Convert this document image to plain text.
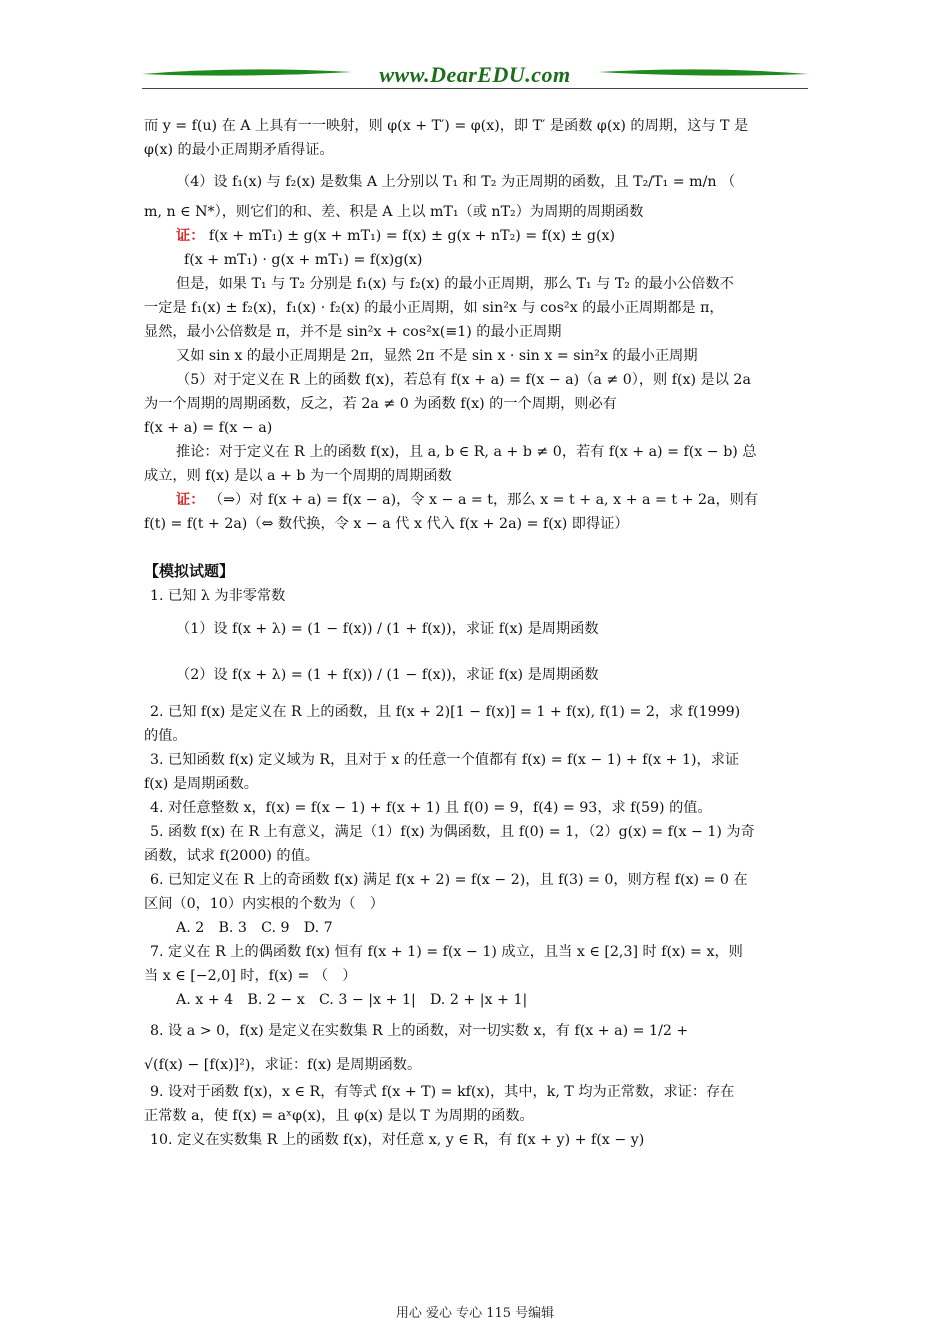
www.DearEDU.com

而 y = f(u) 在 A 上具有一一映射，则 φ(x + T′) = φ(x)，即 T′ 是函数 φ(x) 的周期，这与 T 是

φ(x) 的最小正周期矛盾得证。

（4）设 f₁(x) 与 f₂(x) 是数集 A 上分别以 T₁ 和 T₂ 为正周期的函数，且 T₂/T₁ = m/n （

m, n ∈ N*），则它们的和、差、积是 A 上以 mT₁（或 nT₂）为周期的周期函数

证： f(x + mT₁) ± g(x + mT₁) = f(x) ± g(x + nT₂) = f(x) ± g(x)

f(x + mT₁) · g(x + mT₁) = f(x)g(x)

但是，如果 T₁ 与 T₂ 分别是 f₁(x) 与 f₂(x) 的最小正周期，那么 T₁ 与 T₂ 的最小公倍数不

一定是 f₁(x) ± f₂(x)，f₁(x) · f₂(x) 的最小正周期，如 sin²x 与 cos²x 的最小正周期都是 π，

显然，最小公倍数是 π，并不是 sin²x + cos²x(≡1) 的最小正周期

又如 sin x 的最小正周期是 2π，显然 2π 不是 sin x · sin x = sin²x 的最小正周期

（5）对于定义在 R 上的函数 f(x)，若总有 f(x + a) = f(x − a)（a ≠ 0），则 f(x) 是以 2a

为一个周期的周期函数，反之，若 2a ≠ 0 为函数 f(x) 的一个周期，则必有

f(x + a) = f(x − a)

推论：对于定义在 R 上的函数 f(x)，且 a, b ∈ R, a + b ≠ 0，若有 f(x + a) = f(x − b) 总

成立，则 f(x) 是以 a + b 为一个周期的周期函数

证： （⇒）对 f(x + a) = f(x − a)，令 x − a = t，那么 x = t + a, x + a = t + 2a，则有

f(t) = f(t + 2a)（⇔ 数代换，令 x − a 代 x 代入 f(x + 2a) = f(x) 即得证）

【模拟试题】

1. 已知 λ 为非零常数

（1）设 f(x + λ) = (1 − f(x)) / (1 + f(x))，求证 f(x) 是周期函数

（2）设 f(x + λ) = (1 + f(x)) / (1 − f(x))，求证 f(x) 是周期函数

2. 已知 f(x) 是定义在 R 上的函数，且 f(x + 2)[1 − f(x)] = 1 + f(x), f(1) = 2，求 f(1999)

的值。

3. 已知函数 f(x) 定义域为 R，且对于 x 的任意一个值都有 f(x) = f(x − 1) + f(x + 1)，求证

f(x) 是周期函数。

4. 对任意整数 x，f(x) = f(x − 1) + f(x + 1) 且 f(0) = 9，f(4) = 93，求 f(59) 的值。

5. 函数 f(x) 在 R 上有意义，满足（1）f(x) 为偶函数，且 f(0) = 1，（2）g(x) = f(x − 1) 为奇

函数，试求 f(2000) 的值。

6. 已知定义在 R 上的奇函数 f(x) 满足 f(x + 2) = f(x − 2)，且 f(3) = 0，则方程 f(x) = 0 在

区间（0，10）内实根的个数为（　）

A. 2　B. 3　C. 9　D. 7

7. 定义在 R 上的偶函数 f(x) 恒有 f(x + 1) = f(x − 1) 成立，且当 x ∈ [2,3] 时 f(x) = x，则

当 x ∈ [−2,0] 时，f(x) = （　）

A. x + 4　B. 2 − x　C. 3 − |x + 1|　D. 2 + |x + 1|

8. 设 a > 0，f(x) 是定义在实数集 R 上的函数，对一切实数 x，有 f(x + a) = 1/2 +

√(f(x) − [f(x)]²)，求证：f(x) 是周期函数。

9. 设对于函数 f(x)，x ∈ R，有等式 f(x + T) = kf(x)，其中，k, T 均为正常数，求证：存在

正常数 a，使 f(x) = aˣφ(x)，且 φ(x) 是以 T 为周期的函数。

10. 定义在实数集 R 上的函数 f(x)，对任意 x, y ∈ R，有 f(x + y) + f(x − y)

用心 爱心 专心 115 号编辑
